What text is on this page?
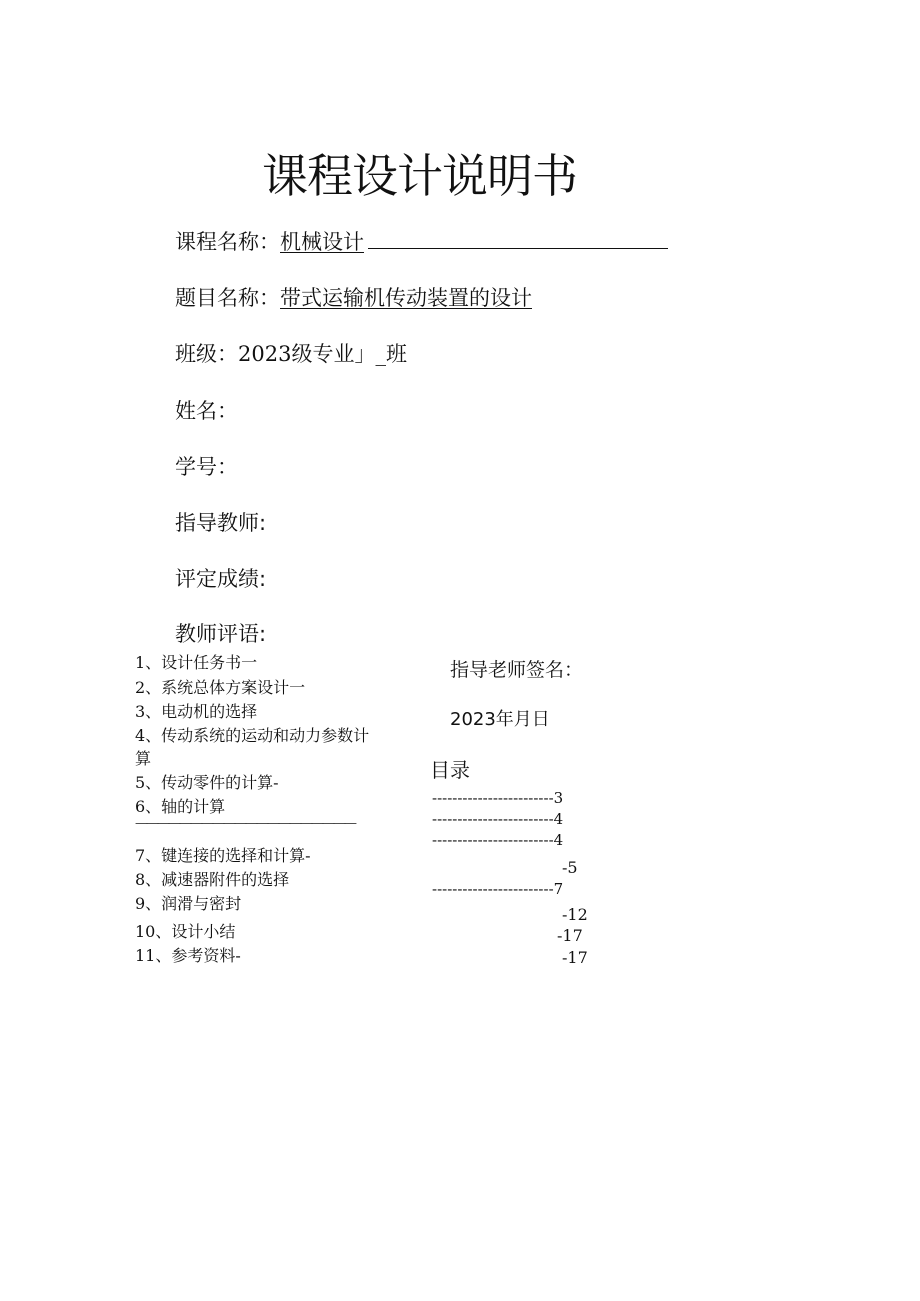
课程设计说明书
课程名称：机械设计
题目名称：带式运输机传动装置的设计
班级：2023级专业」_班
姓名：
学号：
指导教师:
评定成绩:
教师评语:
指导老师签名：
2023年月日
目录
1、设计任务书一
2、系统总体方案设计一
3、电动机的选择
4、传动系统的运动和动力参数计
算
5、传动零件的计算-
6、轴的计算
————————————————————
7、键连接的选择和计算-
8、减速器附件的选择
9、润滑与密封
10、设计小结
11、参考资料-
------------------------3
------------------------4
------------------------4
-5
------------------------7
-12
-17
-17
